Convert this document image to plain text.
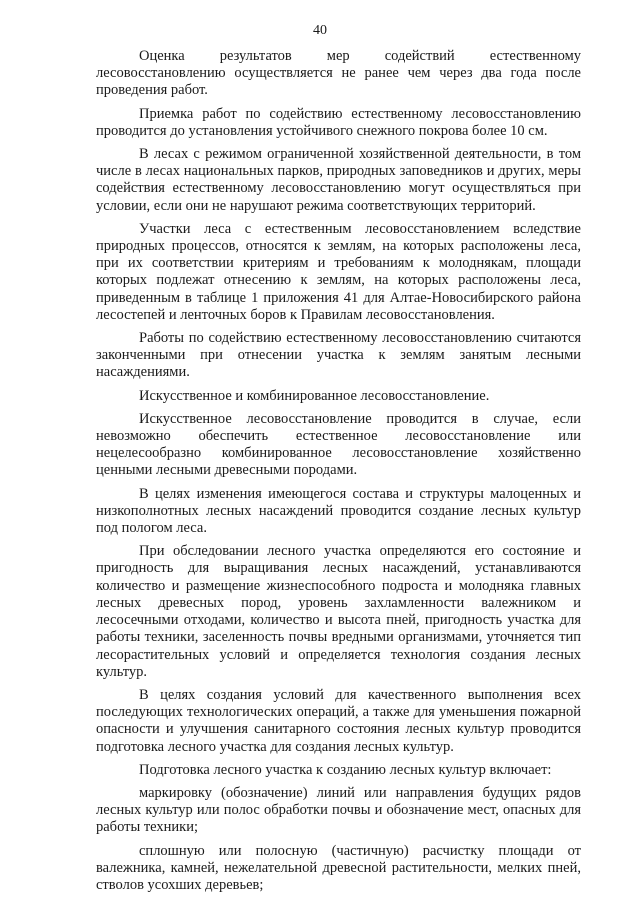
40

Оценка результатов мер содействий естественному лесовосстановлению осуществляется не ранее чем через два года после проведения работ.

Приемка работ по содействию естественному лесовосстановлению проводится до установления устойчивого снежного покрова более 10 см.

В лесах с режимом ограниченной хозяйственной деятельности, в том числе в лесах национальных парков, природных заповедников и других, меры содействия естественному лесовосстановлению могут осуществляться при условии, если они не нарушают режима соответствующих территорий.

Участки леса с естественным лесовосстановлением вследствие природных процессов, относятся к землям, на которых расположены леса, при их соответствии критериям и требованиям к молоднякам, площади которых подлежат отнесению к землям, на которых расположены леса, приведенным в таблице 1 приложения 41 для Алтае-Новосибирского района лесостепей и ленточных боров к Правилам лесовосстановления.

Работы по содействию естественному лесовосстановлению считаются законченными при отнесении участка к землям занятым лесными насаждениями.

Искусственное и комбинированное лесовосстановление.

Искусственное лесовосстановление проводится в случае, если невозможно обеспечить естественное лесовосстановление или нецелесообразно комбинированное лесовосстановление хозяйственно ценными лесными древесными породами.

В целях изменения имеющегося состава и структуры малоценных и низкополнотных лесных насаждений проводится создание лесных культур под пологом леса.

При обследовании лесного участка определяются его состояние и пригодность для выращивания лесных насаждений, устанавливаются количество и размещение жизнеспособного подроста и молодняка главных лесных древесных пород, уровень захламленности валежником и лесосечными отходами, количество и высота пней, пригодность участка для работы техники, заселенность почвы вредными организмами, уточняется тип лесорастительных условий и определяется технология создания лесных культур.

В целях создания условий для качественного выполнения всех последующих технологических операций, а также для уменьшения пожарной опасности и улучшения санитарного состояния лесных культур проводится подготовка лесного участка для создания лесных культур.

Подготовка лесного участка к созданию лесных культур включает:

маркировку (обозначение) линий или направления будущих рядов лесных культур или полос обработки почвы и обозначение мест, опасных для работы техники;

сплошную или полосную (частичную) расчистку площади от валежника, камней, нежелательной древесной растительности, мелких пней, стволов усохших деревьев;
